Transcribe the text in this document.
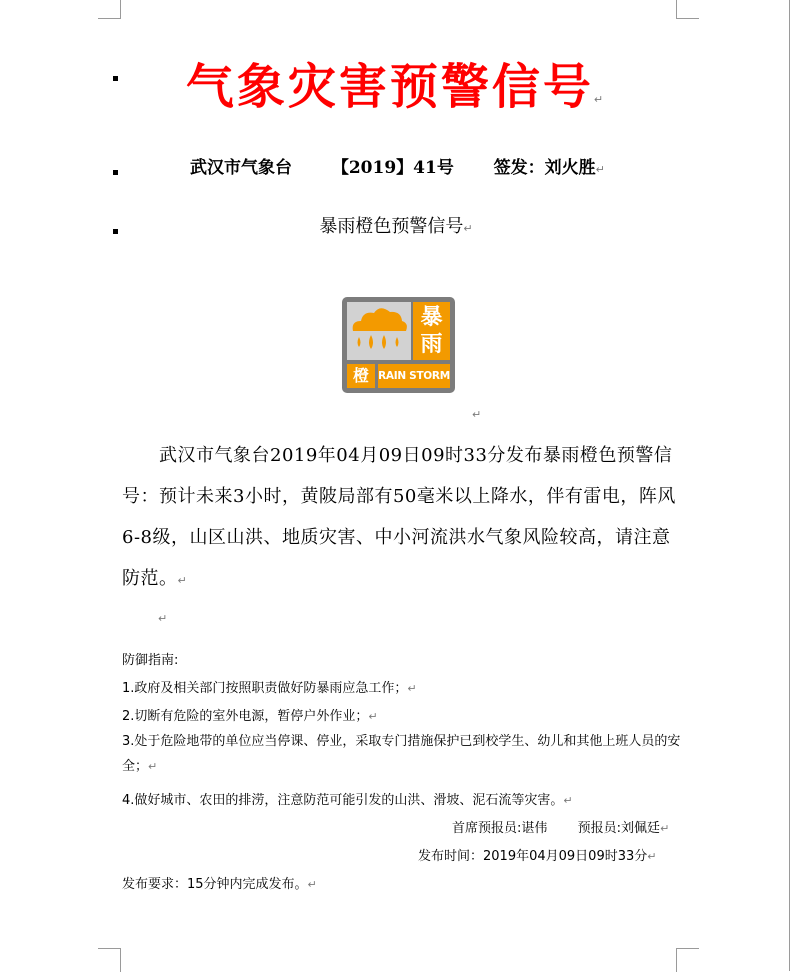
气象灾害预警信号↵
武汉市气象台 【2019】41号 签发：刘火胜↵
暴雨橙色预警信号↵
暴雨
橙 RAIN STORM
↵
武汉市气象台2019年04月09日09时33分发布暴雨橙色预警信号：预计未来3小时，黄陂局部有50毫米以上降水，伴有雷电，阵风6-8级，山区山洪、地质灾害、中小河流洪水气象风险较高，请注意防范。↵
↵
防御指南:
1.政府及相关部门按照职责做好防暴雨应急工作；↵
2.切断有危险的室外电源，暂停户外作业；↵
3.处于危险地带的单位应当停课、停业，采取专门措施保护已到校学生、幼儿和其他上班人员的安全；↵
4.做好城市、农田的排涝，注意防范可能引发的山洪、滑坡、泥石流等灾害。↵
首席预报员:谌伟 预报员:刘佩廷↵
发布时间：2019年04月09日09时33分↵
发布要求：15分钟内完成发布。↵
